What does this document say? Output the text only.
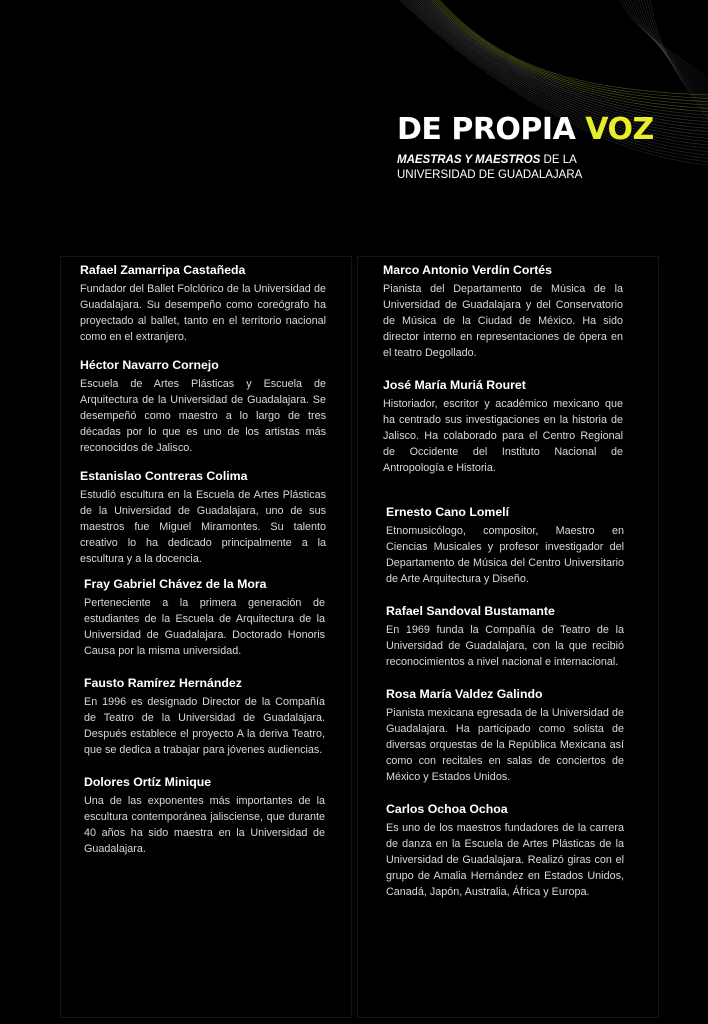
DE PROPIA VOZ
MAESTRAS Y MAESTROS DE LA UNIVERSIDAD DE GUADALAJARA
Rafael Zamarripa Castañeda
Fundador del Ballet Folclórico de la Universidad de Guadalajara. Su desempeño como coreógrafo ha proyectado al ballet, tanto en el territorio nacional como en el extranjero.
Héctor Navarro Cornejo
Escuela de Artes Plásticas y Escuela de Arquitectura de la Universidad de Guadalajara. Se desempeñó como maestro a lo largo de tres décadas por lo que es uno de los artistas más reconocidos de Jalisco.
Estanislao Contreras Colima
Estudió escultura en la Escuela de Artes Plásticas de la Universidad de Guadalajara, uno de sus maestros fue Miguel Miramontes. Su talento creativo lo ha dedicado principalmente a la escultura y a la docencia.
Fray Gabriel Chávez de la Mora
Perteneciente a la primera generación de estudiantes de la Escuela de Arquitectura de la Universidad de Guadalajara. Doctorado Honoris Causa por la misma universidad.
Fausto Ramírez Hernández
En 1996 es designado Director de la Compañía de Teatro de la Universidad de Guadalajara. Después establece el proyecto A la deriva Teatro, que se dedica a trabajar para jóvenes audiencias.
Dolores Ortíz Minique
Una de las exponentes más importantes de la escultura contemporánea jalisciense, que durante 40 años ha sido maestra en la Universidad de Guadalajara.
Marco Antonio Verdín Cortés
Pianista del Departamento de Música de la Universidad de Guadalajara y del Conservatorio de Música de la Ciudad de México. Ha sido director interno en representaciones de ópera en el teatro Degollado.
José María Muriá Rouret
Historiador, escritor y académico mexicano que ha centrado sus investigaciones en la historia de Jalisco. Ha colaborado para el Centro Regional de Occidente del Instituto Nacional de Antropología e Historia.
Ernesto Cano Lomelí
Etnomusicólogo, compositor, Maestro en Ciencias Musicales y profesor investigador del Departamento de Música del Centro Universitario de Arte Arquitectura y Diseño.
Rafael Sandoval Bustamante
En 1969 funda la Compañía de Teatro de la Universidad de Guadalajara, con la que recibió reconocimientos a nivel nacional e internacional.
Rosa María Valdez Galindo
Pianista mexicana egresada de la Universidad de Guadalajara. Ha participado como solista de diversas orquestas de la República Mexicana así como con recitales en salas de conciertos de México y Estados Unidos.
Carlos Ochoa Ochoa
Es uno de los maestros fundadores de la carrera de danza en la Escuela de Artes Plásticas de la Universidad de Guadalajara. Realizó giras con el grupo de Amalia Hernández en Estados Unidos, Canadá, Japón, Australia, África y Europa.
